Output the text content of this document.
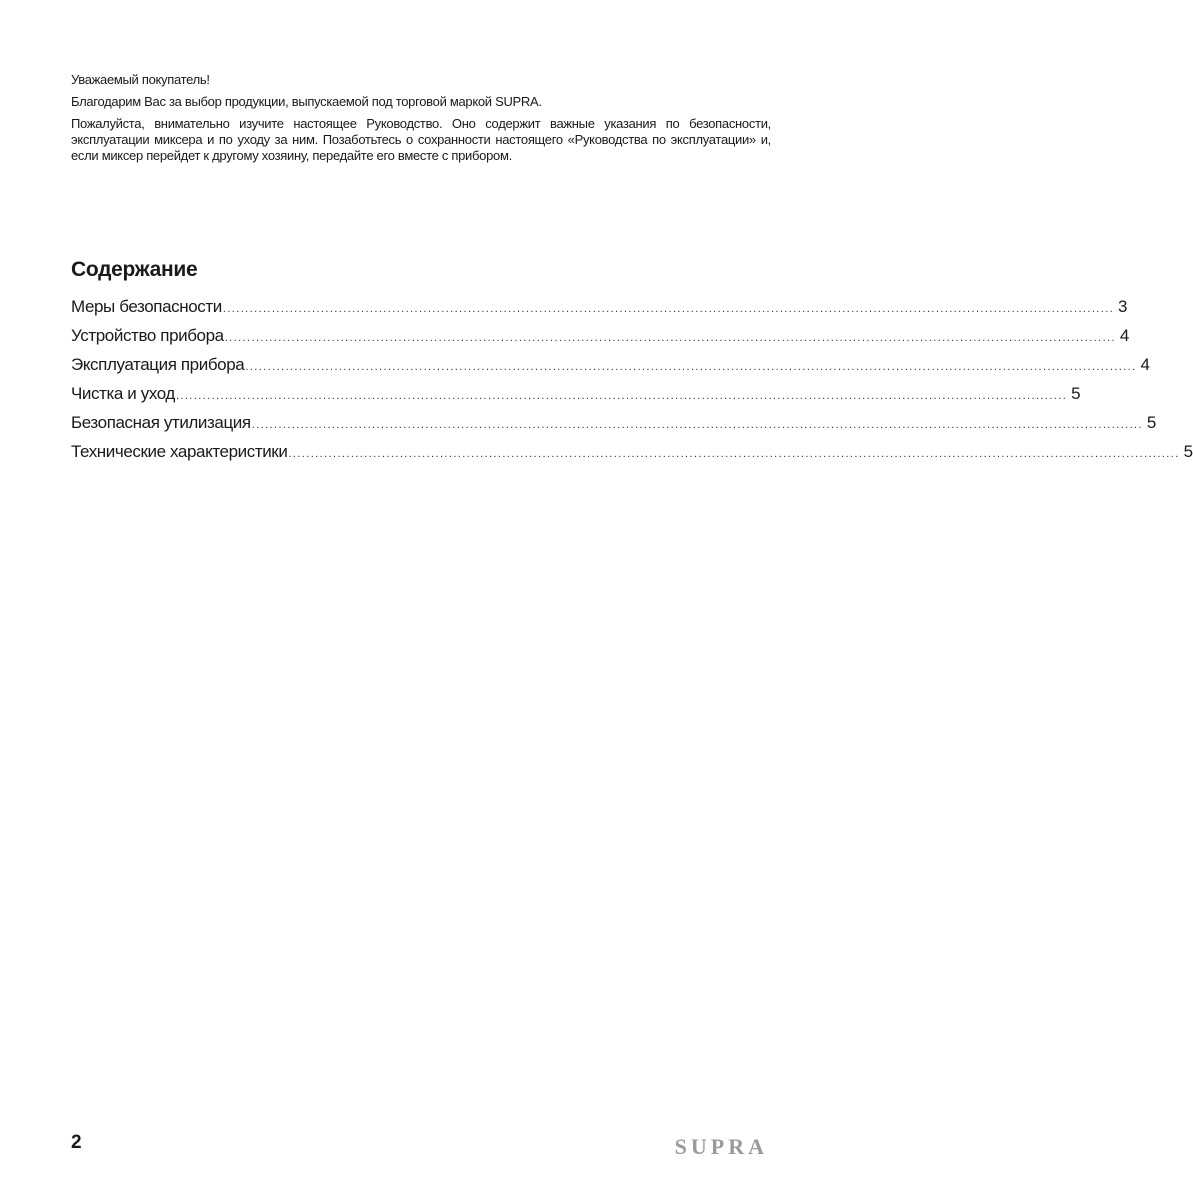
Уважаемый покупатель!

Благодарим Вас за выбор продукции, выпускаемой под торговой маркой SUPRA.

Пожалуйста, внимательно изучите настоящее Руководство. Оно содержит важные указания по безопасности, эксплуатации миксера и по уходу за ним. Позаботьтесь о сохранности настоящего «Руководства по эксплуатации» и, если миксер перейдет к другому хозяину, передайте его вместе с прибором.

Содержание
Меры безопасности ........................................................................................................................................................................................................ 3
Устройство прибора ........................................................................................................................................................................................................ 4
Эксплуатация прибора ........................................................................................................................................................................................................ 4
Чистка и уход ........................................................................................................................................................................................................ 5
Безопасная утилизация ........................................................................................................................................................................................................ 5
Технические характеристики ........................................................................................................................................................................................................ 5
2	SUPRA
